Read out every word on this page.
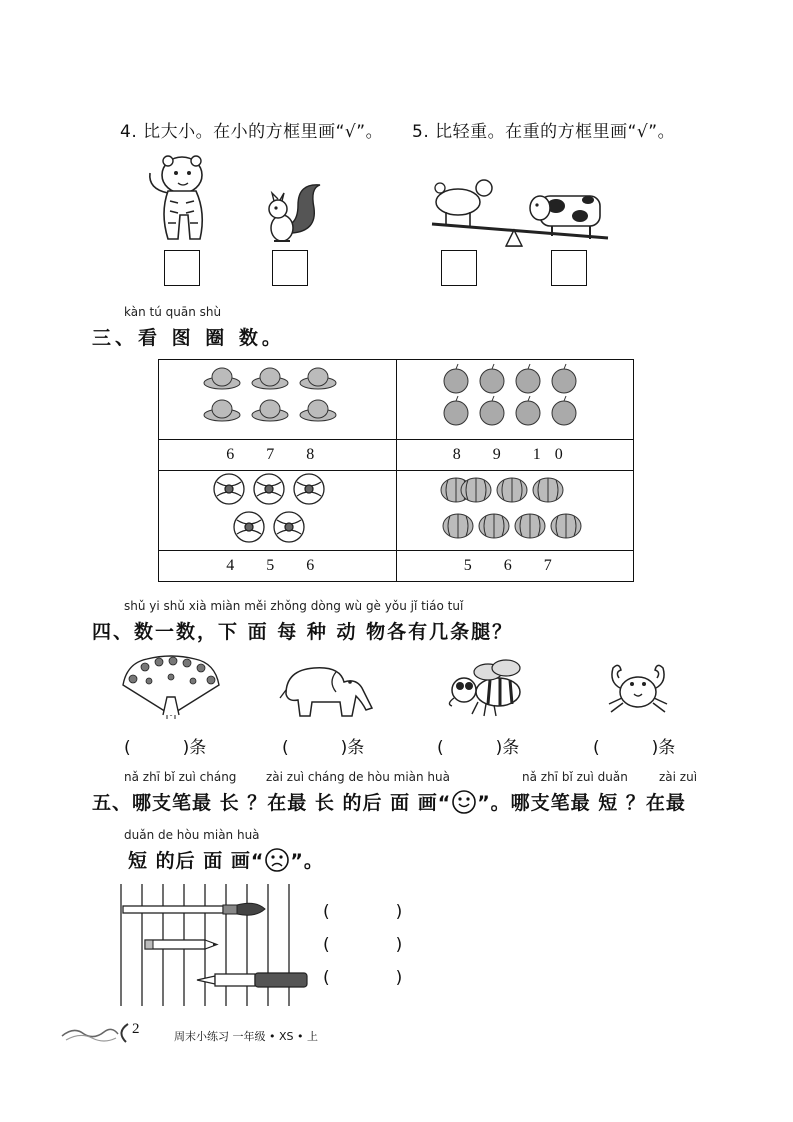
4. 比大小。在小的方框里画“√”。 5. 比轻重。在重的方框里画“√”。
kàn tú quān shù
三、看 图 圈 数。

6 7 8	8 9 10

4 5 6	5 6 7
shǔ yi shǔ xià miàn měi zhǒng dòng wù gè yǒu jǐ tiáo tuǐ
四、数一数，下 面 每 种 动 物各有几条腿？
(	)条	(	)条	(	)条	(	)条
nǎ zhī bǐ zuì cháng zài zuì cháng de hòu miàn huà	nǎ zhī bǐ zuì duǎn	zài zuì
五、哪支笔最 长 ？在最 长 的后 面 画“ ”。哪支笔最 短 ？在最
duǎn de hòu miàn huà
短 的后 面 画“ ”。
(	)
(	)
(	)
2	周末小练习 一年级 • XS • 上
